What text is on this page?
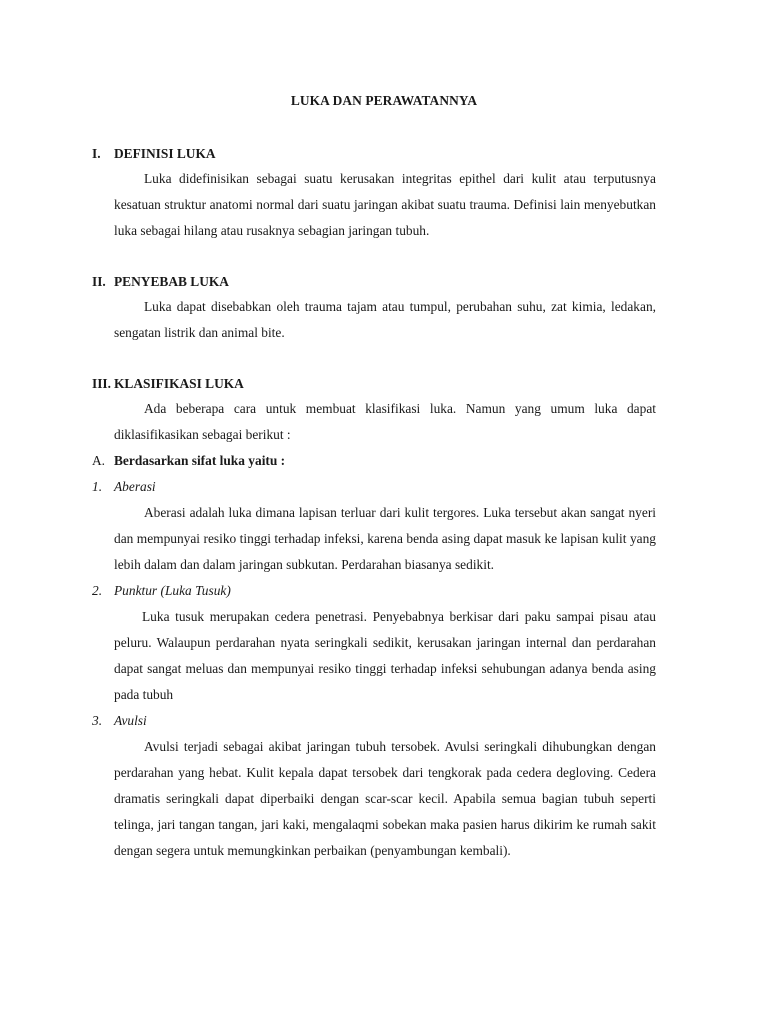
LUKA DAN PERAWATANNYA
I.	DEFINISI LUKA

Luka didefinisikan sebagai suatu kerusakan integritas epithel dari kulit atau terputusnya kesatuan struktur anatomi normal dari suatu jaringan akibat suatu trauma. Definisi lain menyebutkan luka sebagai hilang atau rusaknya sebagian jaringan tubuh.

II. PENYEBAB LUKA

Luka dapat disebabkan oleh trauma tajam atau tumpul, perubahan suhu, zat kimia, ledakan, sengatan listrik dan animal bite.

III. KLASIFIKASI LUKA

Ada beberapa cara untuk membuat klasifikasi luka. Namun yang umum luka dapat diklasifikasikan sebagai berikut :

A. Berdasarkan sifat luka yaitu :
1. Aberasi

Aberasi adalah luka dimana lapisan terluar dari kulit tergores. Luka tersebut akan sangat nyeri dan mempunyai resiko tinggi terhadap infeksi, karena benda asing dapat masuk ke lapisan kulit yang lebih dalam dan dalam jaringan subkutan. Perdarahan biasanya sedikit.

2. Punktur (Luka Tusuk)

Luka tusuk merupakan cedera penetrasi. Penyebabnya berkisar dari paku sampai pisau atau peluru. Walaupun perdarahan nyata seringkali sedikit, kerusakan jaringan internal dan perdarahan dapat sangat meluas dan mempunyai resiko tinggi terhadap infeksi sehubungan adanya benda asing pada tubuh

3. Avulsi

Avulsi terjadi sebagai akibat jaringan tubuh tersobek. Avulsi seringkali dihubungkan dengan perdarahan yang hebat. Kulit kepala dapat tersobek dari tengkorak pada cedera degloving. Cedera dramatis seringkali dapat diperbaiki dengan scar-scar kecil. Apabila semua bagian tubuh seperti telinga, jari tangan tangan, jari kaki, mengalaqmi sobekan maka pasien harus dikirim ke rumah sakit dengan segera untuk memungkinkan perbaikan (penyambungan kembali).
